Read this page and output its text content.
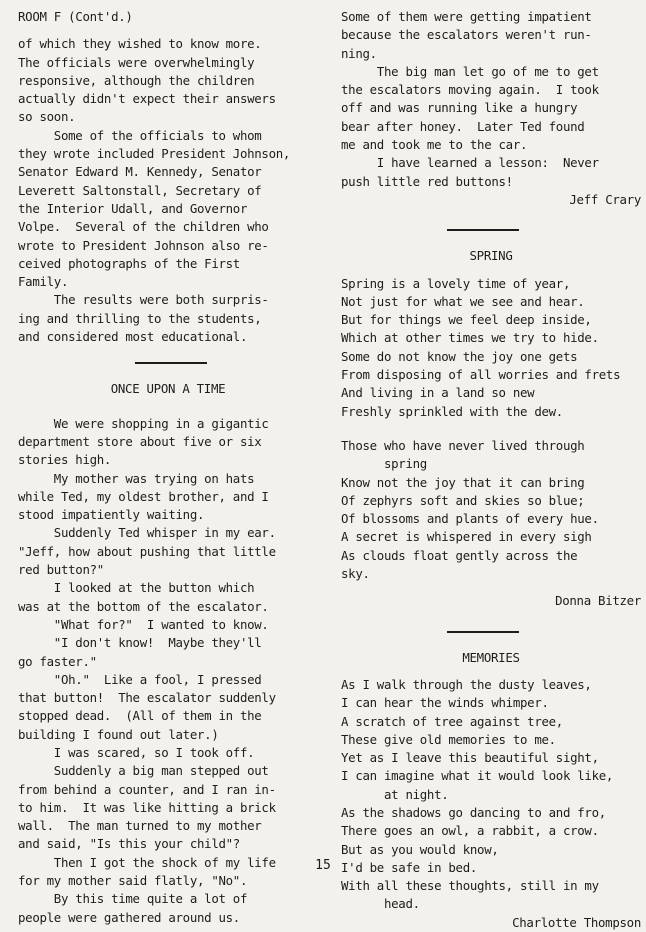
ROOM F (Cont'd.)
of which they wished to know more.
The officials were overwhelmingly
responsive, although the children
actually didn't expect their answers
so soon.
Some of the officials to whom
they wrote included President Johnson,
Senator Edward M. Kennedy, Senator
Leverett Saltonstall, Secretary of
the Interior Udall, and Governor
Volpe.  Several of the children who
wrote to President Johnson also re-
ceived photographs of the First
Family.
The results were both surpris-
ing and thrilling to the students,
and considered most educational.
ONCE UPON A TIME
We were shopping in a gigantic
department store about five or six
stories high.
My mother was trying on hats
while Ted, my oldest brother, and I
stood impatiently waiting.
Suddenly Ted whisper in my ear.
"Jeff, how about pushing that little
red button?"
I looked at the button which
was at the bottom of the escalator.
"What for?"  I wanted to know.
"I don't know!  Maybe they'll
go faster."
"Oh."  Like a fool, I pressed
that button!  The escalator suddenly
stopped dead.  (All of them in the
building I found out later.)
I was scared, so I took off.
Suddenly a big man stepped out
from behind a counter, and I ran in-
to him.  It was like hitting a brick
wall.  The man turned to my mother
and said, "Is this your child"?
Then I got the shock of my life
for my mother said flatly, "No".
By this time quite a lot of
people were gathered around us.
Some of them were getting impatient
because the escalators weren't run-
ning.
The big man let go of me to get
the escalators moving again.  I took
off and was running like a hungry
bear after honey.  Later Ted found
me and took me to the car.
I have learned a lesson:  Never
push little red buttons!
Jeff Crary
SPRING
Spring is a lovely time of year,
Not just for what we see and hear.
But for things we feel deep inside,
Which at other times we try to hide.
Some do not know the joy one gets
From disposing of all worries and frets
And living in a land so new
Freshly sprinkled with the dew.
Those who have never lived through
spring
Know not the joy that it can bring
Of zephyrs soft and skies so blue;
Of blossoms and plants of every hue.
A secret is whispered in every sigh
As clouds float gently across the
sky.
Donna Bitzer
MEMORIES
As I walk through the dusty leaves,
I can hear the winds whimper.
A scratch of tree against tree,
These give old memories to me.
Yet as I leave this beautiful sight,
I can imagine what it would look like,
at night.
As the shadows go dancing to and fro,
There goes an owl, a rabbit, a crow.
But as you would know,
I'd be safe in bed.
With all these thoughts, still in my
head.
Charlotte Thompson
15
